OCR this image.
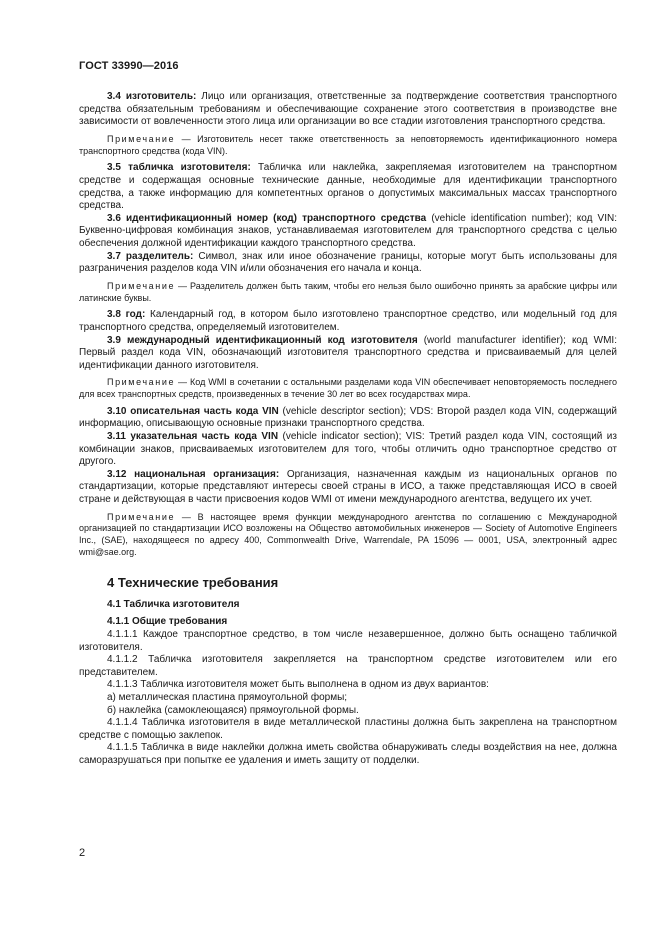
ГОСТ 33990—2016

3.4 изготовитель: Лицо или организация, ответственные за подтверждение соответствия транспортного средства обязательным требованиям и обеспечивающие сохранение этого соответствия в производстве вне зависимости от вовлеченности этого лица или организации во все стадии изготовления транспортного средства.

Примечание — Изготовитель несет также ответственность за неповторяемость идентификационного номера транспортного средства (кода VIN).

3.5 табличка изготовителя: Табличка или наклейка, закрепляемая изготовителем на транспортном средстве и содержащая основные технические данные, необходимые для идентификации транспортного средства, а также информацию для компетентных органов о допустимых максимальных массах транспортного средства.

3.6 идентификационный номер (код) транспортного средства (vehicle identification number); код VIN: Буквенно-цифровая комбинация знаков, устанавливаемая изготовителем для транспортного средства с целью обеспечения должной идентификации каждого транспортного средства.

3.7 разделитель: Символ, знак или иное обозначение границы, которые могут быть использованы для разграничения разделов кода VIN и/или обозначения его начала и конца.

Примечание — Разделитель должен быть таким, чтобы его нельзя было ошибочно принять за арабские цифры или латинские буквы.

3.8 год: Календарный год, в котором было изготовлено транспортное средство, или модельный год для транспортного средства, определяемый изготовителем.

3.9 международный идентификационный код изготовителя (world manufacturer identifier); код WMI: Первый раздел кода VIN, обозначающий изготовителя транспортного средства и присваиваемый для целей идентификации данного изготовителя.

Примечание — Код WMI в сочетании с остальными разделами кода VIN обеспечивает неповторяемость последнего для всех транспортных средств, произведенных в течение 30 лет во всех государствах мира.

3.10 описательная часть кода VIN (vehicle descriptor section); VDS: Второй раздел кода VIN, содержащий информацию, описывающую основные признаки транспортного средства.

3.11 указательная часть кода VIN (vehicle indicator section); VIS: Третий раздел кода VIN, состоящий из комбинации знаков, присваиваемых изготовителем для того, чтобы отличить одно транспортное средство от другого.

3.12 национальная организация: Организация, назначенная каждым из национальных органов по стандартизации, которые представляют интересы своей страны в ИСО, а также представляющая ИСО в своей стране и действующая в части присвоения кодов WMI от имени международного агентства, ведущего их учет.

Примечание — В настоящее время функции международного агентства по соглашению с Международной организацией по стандартизации ИСО возложены на Общество автомобильных инженеров — Society of Automotive Engineers Inc., (SAE), находящееся по адресу 400, Commonwealth Drive, Warrendale, PA 15096 — 0001, USA, электронный адрес wmi@sae.org.

4 Технические требования

4.1 Табличка изготовителя

4.1.1 Общие требования

4.1.1.1 Каждое транспортное средство, в том числе незавершенное, должно быть оснащено табличкой изготовителя.

4.1.1.2 Табличка изготовителя закрепляется на транспортном средстве изготовителем или его представителем.

4.1.1.3 Табличка изготовителя может быть выполнена в одном из двух вариантов:

а) металлическая пластина прямоугольной формы;

б) наклейка (самоклеющаяся) прямоугольной формы.

4.1.1.4 Табличка изготовителя в виде металлической пластины должна быть закреплена на транспортном средстве с помощью заклепок.

4.1.1.5 Табличка в виде наклейки должна иметь свойства обнаруживать следы воздействия на нее, должна саморазрушаться при попытке ее удаления и иметь защиту от подделки.

2
